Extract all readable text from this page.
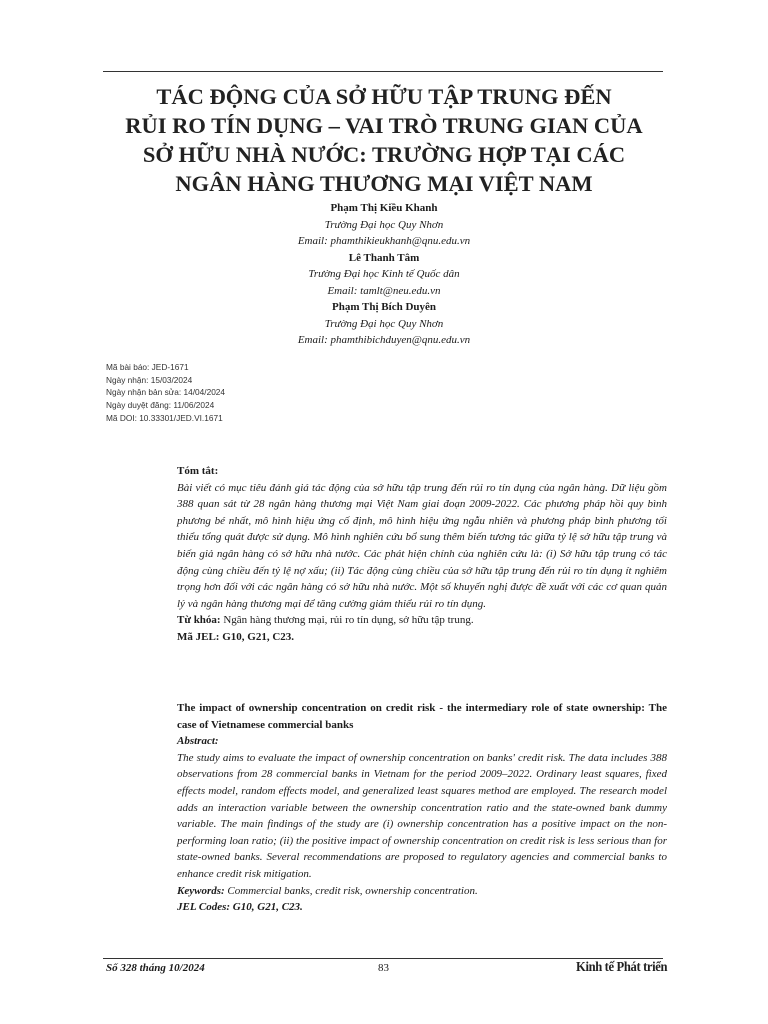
TÁC ĐỘNG CỦA SỞ HỮU TẬP TRUNG ĐẾN
RỦI RO TÍN DỤNG – VAI TRÒ TRUNG GIAN CỦA
SỞ HỮU NHÀ NƯỚC: TRƯỜNG HỢP TẠI CÁC
NGÂN HÀNG THƯƠNG MẠI VIỆT NAM
Phạm Thị Kiều Khanh
Trường Đại học Quy Nhơn
Email: phamthikieukhanh@qnu.edu.vn
Lê Thanh Tâm
Trường Đại học Kinh tế Quốc dân
Email: tamlt@neu.edu.vn
Phạm Thị Bích Duyên
Trường Đại học Quy Nhơn
Email: phamthibichduyen@qnu.edu.vn
Mã bài báo: JED-1671
Ngày nhận: 15/03/2024
Ngày nhận bản sửa: 14/04/2024
Ngày duyệt đăng: 11/06/2024
Mã DOI: 10.33301/JED.VI.1671
Tóm tắt:
Bài viết có mục tiêu đánh giá tác động của sở hữu tập trung đến rủi ro tín dụng của ngân hàng. Dữ liệu gồm 388 quan sát từ 28 ngân hàng thương mại Việt Nam giai đoạn 2009-2022. Các phương pháp hồi quy bình phương bé nhất, mô hình hiệu ứng cố định, mô hình hiệu ứng ngẫu nhiên và phương pháp bình phương tối thiểu tổng quát được sử dụng. Mô hình nghiên cứu bổ sung thêm biến tương tác giữa tỷ lệ sở hữu tập trung và biến giả ngân hàng có sở hữu nhà nước. Các phát hiện chính của nghiên cứu là: (i) Sở hữu tập trung có tác động cùng chiều đến tỷ lệ nợ xấu; (ii) Tác động cùng chiều của sở hữu tập trung đến rủi ro tín dụng ít nghiêm trọng hơn đối với các ngân hàng có sở hữu nhà nước. Một số khuyến nghị được đề xuất với các cơ quan quản lý và ngân hàng thương mại để tăng cường giảm thiểu rủi ro tín dụng.
Từ khóa: Ngân hàng thương mại, rủi ro tín dụng, sở hữu tập trung.
Mã JEL: G10, G21, C23.
The impact of ownership concentration on credit risk - the intermediary role of state ownership: The case of Vietnamese commercial banks
Abstract:
The study aims to evaluate the impact of ownership concentration on banks' credit risk. The data includes 388 observations from 28 commercial banks in Vietnam for the period 2009–2022. Ordinary least squares, fixed effects model, random effects model, and generalized least squares method are employed. The research model adds an interaction variable between the ownership concentration ratio and the state-owned bank dummy variable. The main findings of the study are (i) ownership concentration has a positive impact on the non-performing loan ratio; (ii) the positive impact of ownership concentration on credit risk is less serious than for state-owned banks. Several recommendations are proposed to regulatory agencies and commercial banks to enhance credit risk mitigation.
Keywords: Commercial banks, credit risk, ownership concentration.
JEL Codes: G10, G21, C23.
Số 328 tháng 10/2024	83	Kinh tế Phát triển
